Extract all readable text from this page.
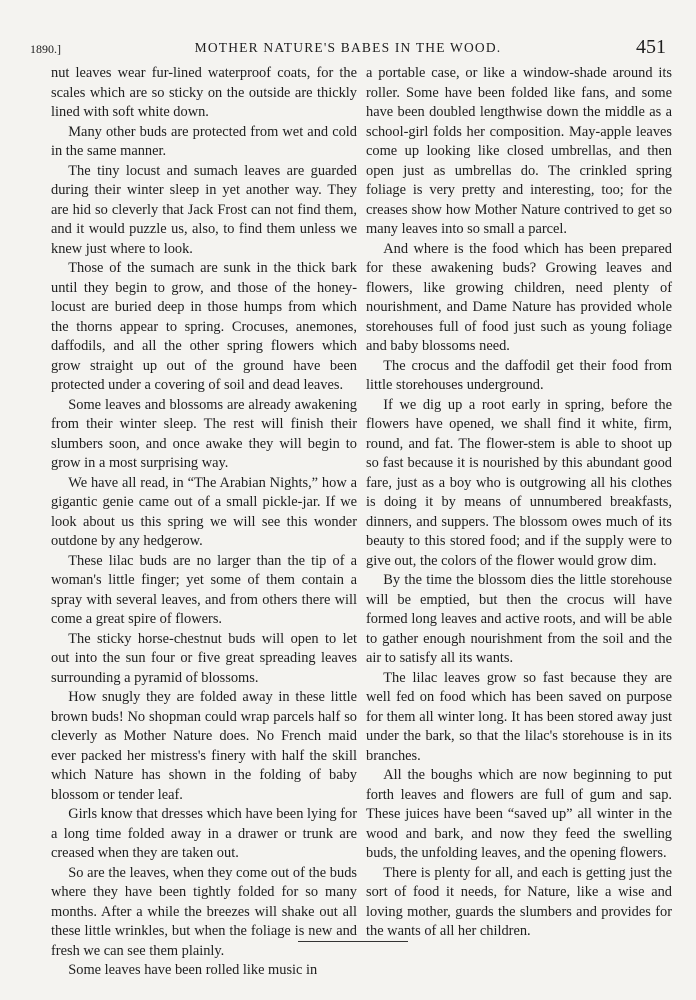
1890.]	MOTHER NATURE'S BABES IN THE WOOD.	451

nut leaves wear fur-lined waterproof coats, for the scales which are so sticky on the outside are thickly lined with soft white down.

Many other buds are protected from wet and cold in the same manner.

The tiny locust and sumach leaves are guarded during their winter sleep in yet another way. They are hid so cleverly that Jack Frost can not find them, and it would puzzle us, also, to find them unless we knew just where to look.

Those of the sumach are sunk in the thick bark until they begin to grow, and those of the honey-locust are buried deep in those humps from which the thorns appear to spring. Crocuses, anemones, daffodils, and all the other spring flowers which grow straight up out of the ground have been protected under a covering of soil and dead leaves.

Some leaves and blossoms are already awakening from their winter sleep. The rest will finish their slumbers soon, and once awake they will begin to grow in a most surprising way.

We have all read, in “The Arabian Nights,” how a gigantic genie came out of a small pickle-jar. If we look about us this spring we will see this wonder outdone by any hedgerow.

These lilac buds are no larger than the tip of a woman's little finger; yet some of them contain a spray with several leaves, and from others there will come a great spire of flowers.

The sticky horse-chestnut buds will open to let out into the sun four or five great spreading leaves surrounding a pyramid of blossoms.

How snugly they are folded away in these little brown buds! No shopman could wrap parcels half so cleverly as Mother Nature does. No French maid ever packed her mistress's finery with half the skill which Nature has shown in the folding of baby blossom or tender leaf.

Girls know that dresses which have been lying for a long time folded away in a drawer or trunk are creased when they are taken out.

So are the leaves, when they come out of the buds where they have been tightly folded for so many months. After a while the breezes will shake out all these little wrinkles, but when the foliage is new and fresh we can see them plainly.

Some leaves have been rolled like music in

a portable case, or like a window-shade around its roller. Some have been folded like fans, and some have been doubled lengthwise down the middle as a school-girl folds her composition. May-apple leaves come up looking like closed umbrellas, and then open just as umbrellas do. The crinkled spring foliage is very pretty and interesting, too; for the creases show how Mother Nature contrived to get so many leaves into so small a parcel.

And where is the food which has been prepared for these awakening buds? Growing leaves and flowers, like growing children, need plenty of nourishment, and Dame Nature has provided whole storehouses full of food just such as young foliage and baby blossoms need.

The crocus and the daffodil get their food from little storehouses underground.

If we dig up a root early in spring, before the flowers have opened, we shall find it white, firm, round, and fat. The flower-stem is able to shoot up so fast because it is nourished by this abundant good fare, just as a boy who is outgrowing all his clothes is doing it by means of unnumbered breakfasts, dinners, and suppers. The blossom owes much of its beauty to this stored food; and if the supply were to give out, the colors of the flower would grow dim.

By the time the blossom dies the little storehouse will be emptied, but then the crocus will have formed long leaves and active roots, and will be able to gather enough nourishment from the soil and the air to satisfy all its wants.

The lilac leaves grow so fast because they are well fed on food which has been saved on purpose for them all winter long. It has been stored away just under the bark, so that the lilac's storehouse is in its branches.

All the boughs which are now beginning to put forth leaves and flowers are full of gum and sap. These juices have been “saved up” all winter in the wood and bark, and now they feed the swelling buds, the unfolding leaves, and the opening flowers.

There is plenty for all, and each is getting just the sort of food it needs, for Nature, like a wise and loving mother, guards the slumbers and provides for the wants of all her children.
